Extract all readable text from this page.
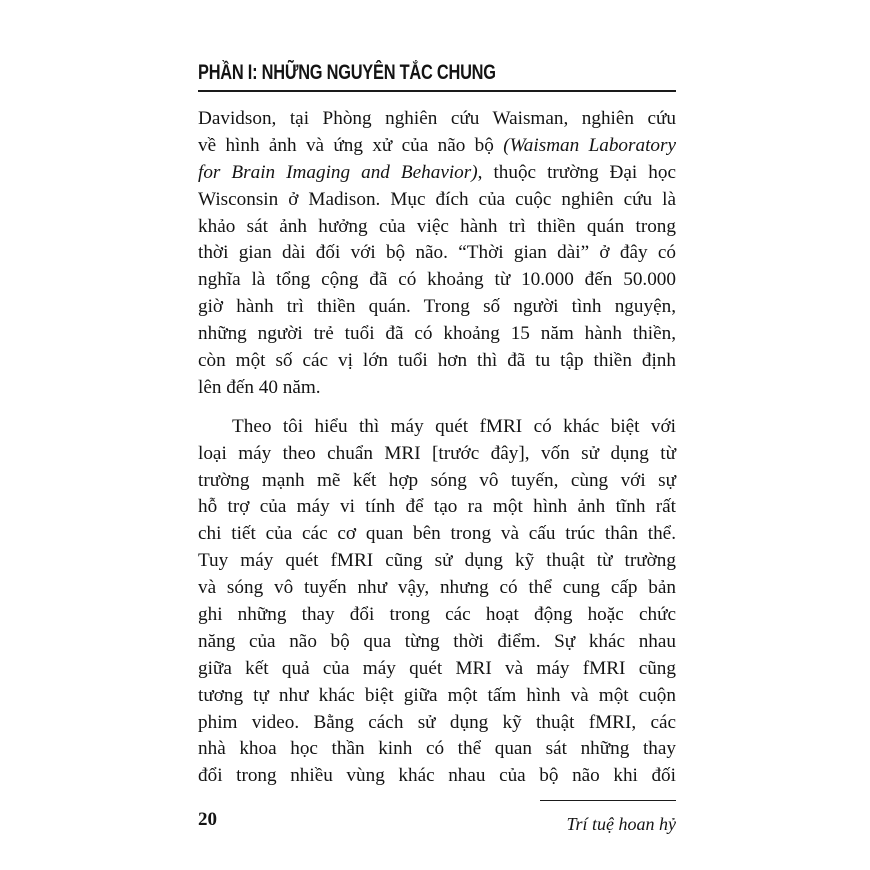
PHẦN I: NHỮNG NGUYÊN TẮC CHUNG
Davidson, tại Phòng nghiên cứu Waisman, nghiên cứu
về hình ảnh và ứng xử của não bộ (Waisman Laboratory
for Brain Imaging and Behavior), thuộc trường Đại học
Wisconsin ở Madison. Mục đích của cuộc nghiên cứu là
khảo sát ảnh hưởng của việc hành trì thiền quán trong
thời gian dài đối với bộ não. “Thời gian dài” ở đây có
nghĩa là tổng cộng đã có khoảng từ 10.000 đến 50.000
giờ hành trì thiền quán. Trong số người tình nguyện,
những người trẻ tuổi đã có khoảng 15 năm hành thiền,
còn một số các vị lớn tuổi hơn thì đã tu tập thiền định
lên đến 40 năm.
Theo tôi hiểu thì máy quét fMRI có khác biệt với
loại máy theo chuẩn MRI [trước đây], vốn sử dụng từ
trường mạnh mẽ kết hợp sóng vô tuyến, cùng với sự
hỗ trợ của máy vi tính để tạo ra một hình ảnh tĩnh rất
chi tiết của các cơ quan bên trong và cấu trúc thân thể.
Tuy máy quét fMRI cũng sử dụng kỹ thuật từ trường
và sóng vô tuyến như vậy, nhưng có thể cung cấp bản
ghi những thay đổi trong các hoạt động hoặc chức
năng của não bộ qua từng thời điểm. Sự khác nhau
giữa kết quả của máy quét MRI và máy fMRI cũng
tương tự như khác biệt giữa một tấm hình và một cuộn
phim video. Bằng cách sử dụng kỹ thuật fMRI, các
nhà khoa học thần kinh có thể quan sát những thay
đổi trong nhiều vùng khác nhau của bộ não khi đối
20	Trí tuệ hoan hỷ
